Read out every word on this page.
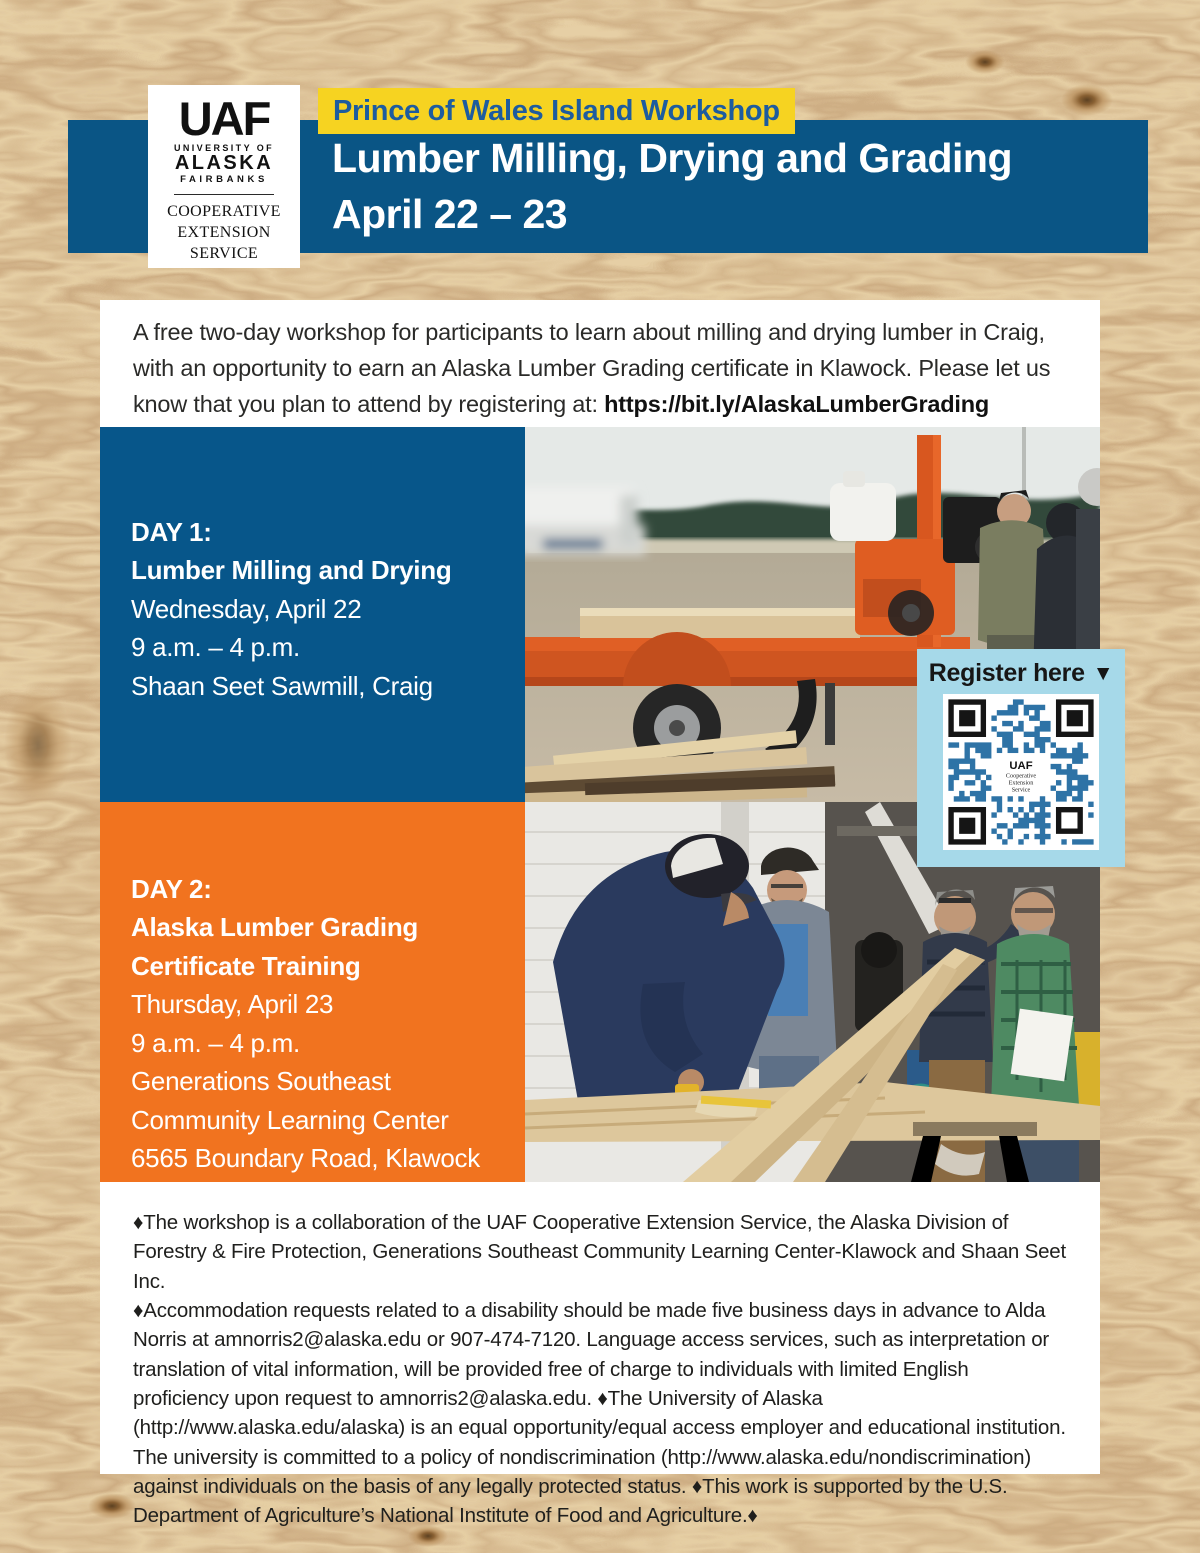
UAF
UNIVERSITY OF
ALASKA
FAIRBANKS
COOPERATIVE
EXTENSION
SERVICE
Prince of Wales Island Workshop
Lumber Milling, Drying and Grading
April 22 – 23

A free two-day workshop for participants to learn about milling and drying lumber in Craig, with an opportunity to earn an Alaska Lumber Grading certificate in Klawock. Please let us know that you plan to attend by registering at: https://bit.ly/AlaskaLumberGrading

DAY 1:
Lumber Milling and Drying
Wednesday, April 22
9 a.m. – 4 p.m.
Shaan Seet Sawmill, Craig
DAY 2:
Alaska Lumber Grading
Certificate Training
Thursday, April 23
9 a.m. – 4 p.m.
Generations Southeast
Community Learning Center
6565 Boundary Road, Klawock

♦The workshop is a collaboration of the UAF Cooperative Extension Service, the Alaska Division of Forestry & Fire Protection, Generations Southeast Community Learning Center-Klawock and Shaan Seet Inc.

♦Accommodation requests related to a disability should be made five business days in advance to Alda Norris at amnorris2@alaska.edu or 907-474-7120. Language access services, such as interpretation or translation of vital information, will be provided free of charge to individuals with limited English proficiency upon request to amnorris2@alaska.edu. ♦The University of Alaska (http://www.alaska.edu/alaska) is an equal opportunity/equal access employer and educational institution. The university is committed to a policy of nondiscrimination (http://www.alaska.edu/nondiscrimination) against individuals on the basis of any legally protected status. ♦This work is supported by the U.S. Department of Agriculture’s National Institute of Food and Agriculture.♦

Register here ▼
UAF
Cooperative
Extension
Service
